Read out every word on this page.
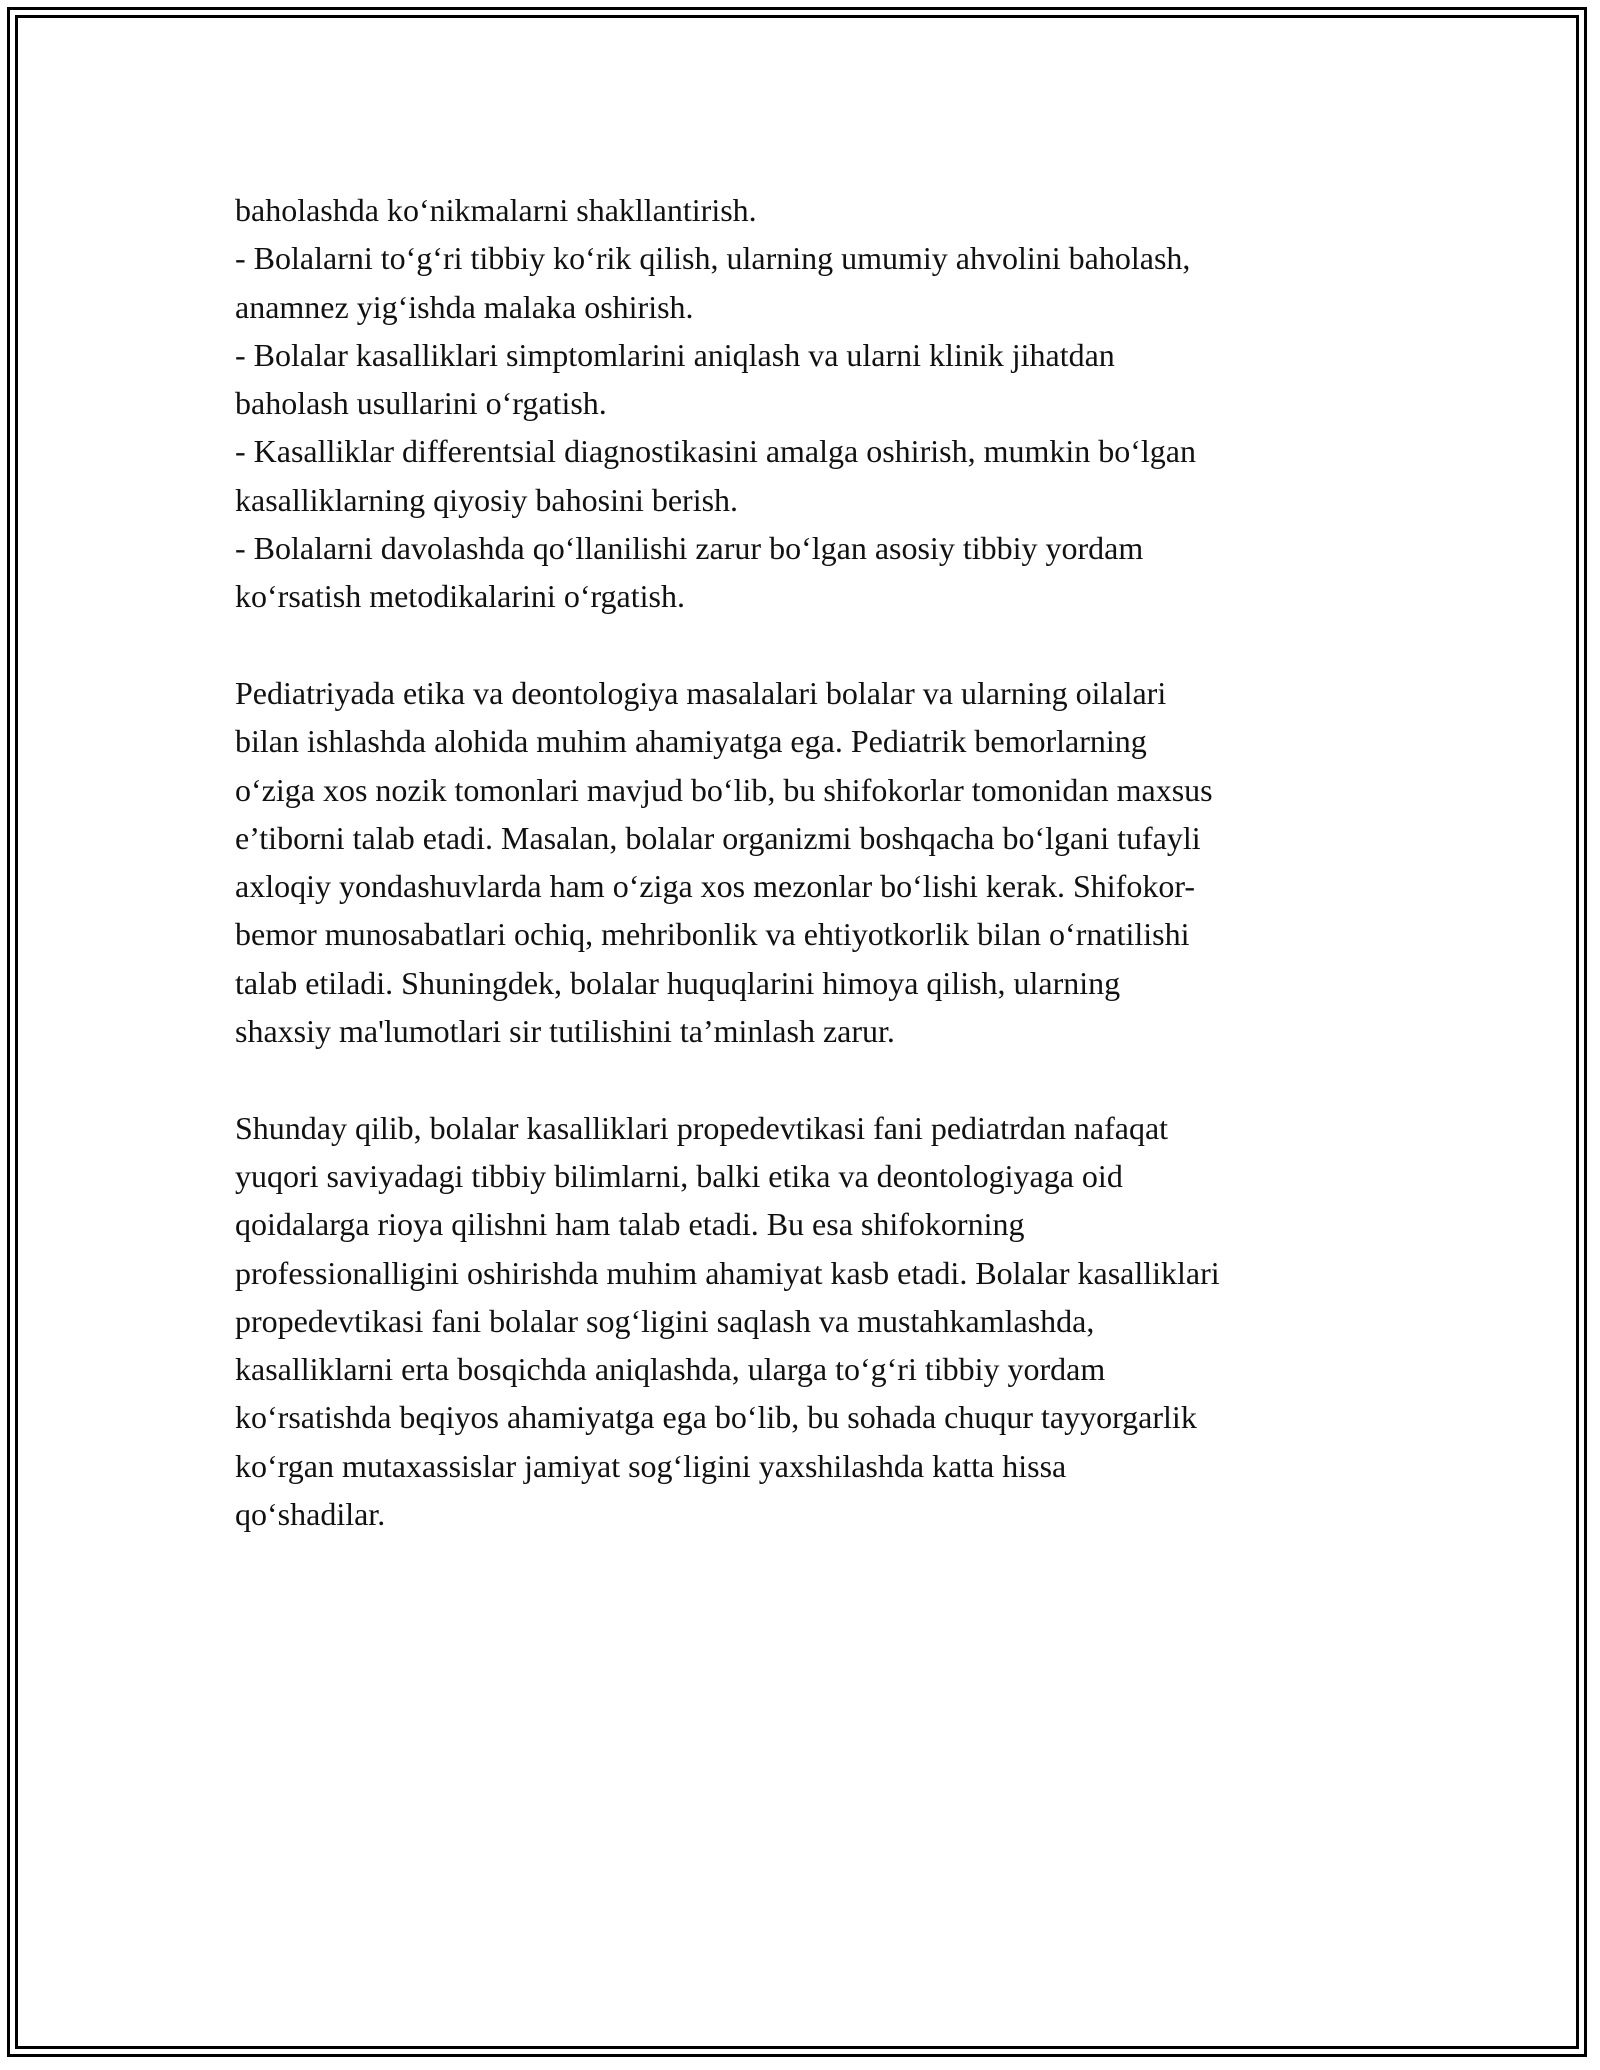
baholashda ko‘nikmalarni shakllantirish.
- Bolalarni to‘g‘ri tibbiy ko‘rik qilish, ularning umumiy ahvolini baholash,
anamnez yig‘ishda malaka oshirish.
- Bolalar kasalliklari simptomlarini aniqlash va ularni klinik jihatdan
baholash usullarini o‘rgatish.
- Kasalliklar differentsial diagnostikasini amalga oshirish, mumkin bo‘lgan
kasalliklarning qiyosiy bahosini berish.
- Bolalarni davolashda qo‘llanilishi zarur bo‘lgan asosiy tibbiy yordam
ko‘rsatish metodikalarini o‘rgatish.
Pediatriyada etika va deontologiya masalalari bolalar va ularning oilalari
bilan ishlashda alohida muhim ahamiyatga ega. Pediatrik bemorlarning
o‘ziga xos nozik tomonlari mavjud bo‘lib, bu shifokorlar tomonidan maxsus
e’tiborni talab etadi. Masalan, bolalar organizmi boshqacha bo‘lgani tufayli
axloqiy yondashuvlarda ham o‘ziga xos mezonlar bo‘lishi kerak. Shifokor-
bemor munosabatlari ochiq, mehribonlik va ehtiyotkorlik bilan o‘rnatilishi
talab etiladi. Shuningdek, bolalar huquqlarini himoya qilish, ularning
shaxsiy ma'lumotlari sir tutilishini ta’minlash zarur.
Shunday qilib, bolalar kasalliklari propedevtikasi fani pediatrdan nafaqat
yuqori saviyadagi tibbiy bilimlarni, balki etika va deontologiyaga oid
qoidalarga rioya qilishni ham talab etadi. Bu esa shifokorning
professionalligini oshirishda muhim ahamiyat kasb etadi. Bolalar kasalliklari
propedevtikasi fani bolalar sog‘ligini saqlash va mustahkamlashda,
kasalliklarni erta bosqichda aniqlashda, ularga to‘g‘ri tibbiy yordam
ko‘rsatishda beqiyos ahamiyatga ega bo‘lib, bu sohada chuqur tayyorgarlik
ko‘rgan mutaxassislar jamiyat sog‘ligini yaxshilashda katta hissa
qo‘shadilar.
